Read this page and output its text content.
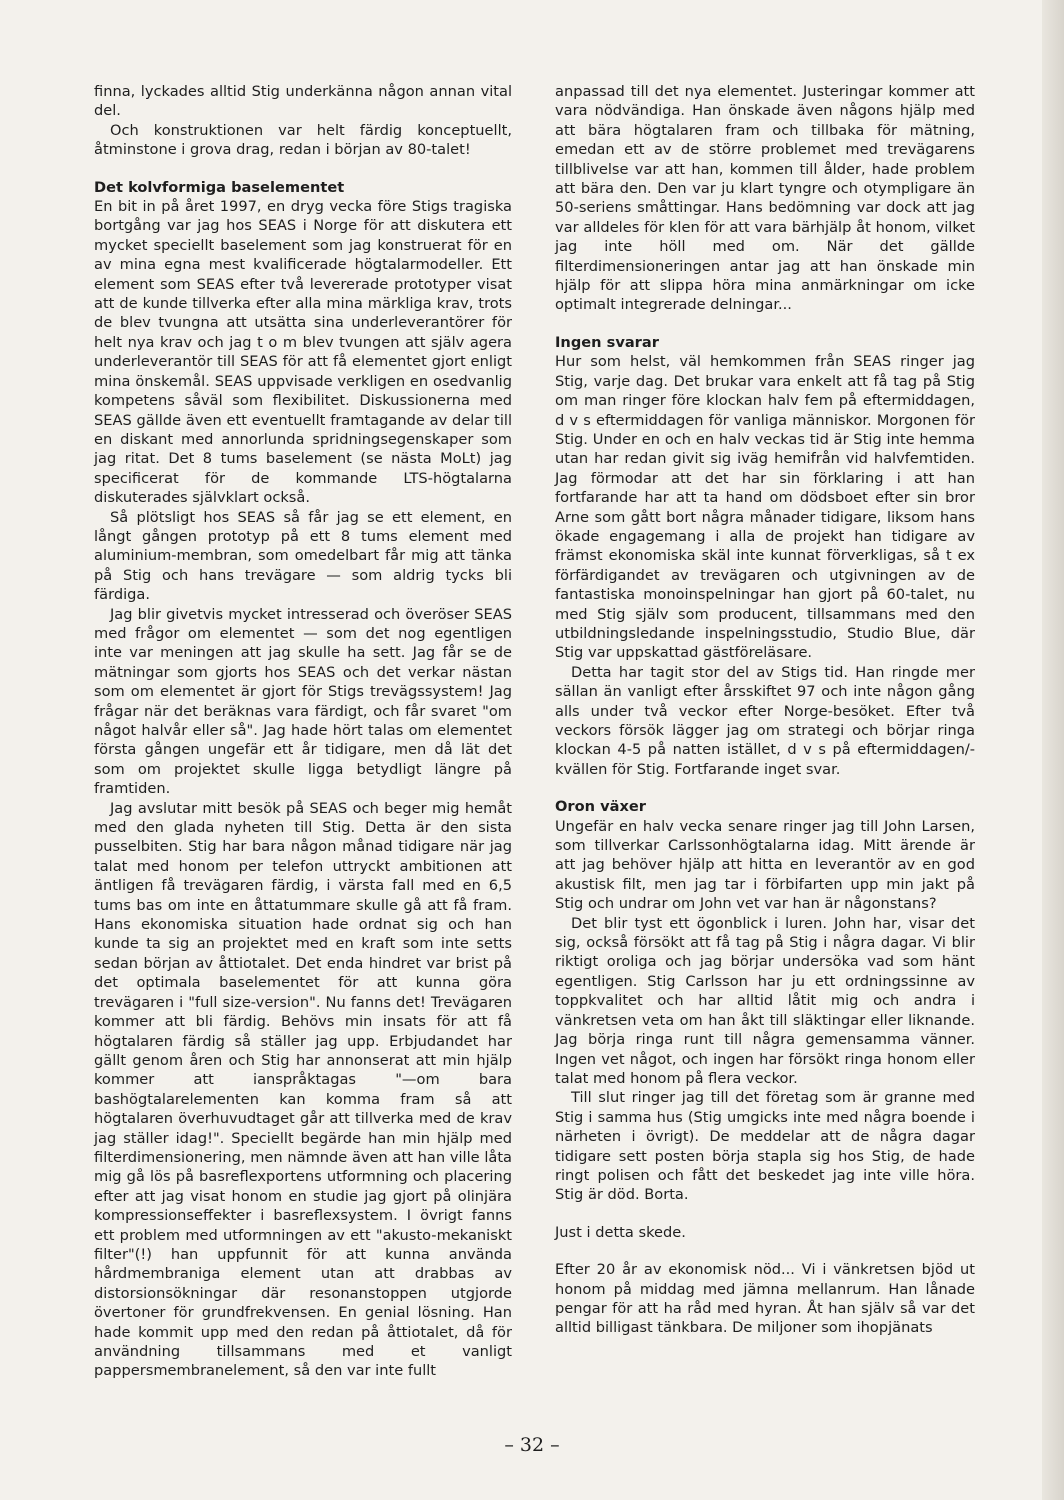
finna, lyckades alltid Stig underkänna någon annan vital del.

Och konstruktionen var helt färdig konceptuellt, åtminstone i grova drag, redan i början av 80-talet!

Det kolvformiga baselementet

En bit in på året 1997, en dryg vecka före Stigs tragiska bortgång var jag hos SEAS i Norge för att diskutera ett mycket speciellt baselement som jag konstruerat för en av mina egna mest kvalificerade högtalarmodeller. Ett element som SEAS efter två levererade prototyper visat att de kunde tillverka efter alla mina märkliga krav, trots de blev tvungna att utsätta sina underleverantörer för helt nya krav och jag t o m blev tvungen att själv agera underleverantör till SEAS för att få elementet gjort enligt mina önskemål. SEAS uppvisade verkligen en osedvanlig kompetens såväl som flexibilitet. Diskussionerna med SEAS gällde även ett eventuellt framtagande av delar till en diskant med annorlunda spridningsegenskaper som jag ritat. Det 8 tums baselement (se nästa MoLt) jag specificerat för de kommande LTS-högtalarna diskuterades självklart också.

Så plötsligt hos SEAS så får jag se ett element, en långt gången prototyp på ett 8 tums element med aluminium-membran, som omedelbart får mig att tänka på Stig och hans trevägare — som aldrig tycks bli färdiga.

Jag blir givetvis mycket intresserad och överöser SEAS med frågor om elementet — som det nog egentligen inte var meningen att jag skulle ha sett. Jag får se de mätningar som gjorts hos SEAS och det verkar nästan som om elementet är gjort för Stigs trevägssystem! Jag frågar när det beräknas vara färdigt, och får svaret "om något halvår eller så". Jag hade hört talas om elementet första gången ungefär ett år tidigare, men då lät det som om projektet skulle ligga betydligt längre på framtiden.

Jag avslutar mitt besök på SEAS och beger mig hemåt med den glada nyheten till Stig. Detta är den sista pusselbiten. Stig har bara någon månad tidigare när jag talat med honom per telefon uttryckt ambitionen att äntligen få trevägaren färdig, i värsta fall med en 6,5 tums bas om inte en åttatummare skulle gå att få fram. Hans ekonomiska situation hade ordnat sig och han kunde ta sig an projektet med en kraft som inte setts sedan början av åttiotalet. Det enda hindret var brist på det optimala baselementet för att kunna göra trevägaren i "full size-version". Nu fanns det! Trevägaren kommer att bli färdig. Behövs min insats för att få högtalaren färdig så ställer jag upp. Erbjudandet har gällt genom åren och Stig har annonserat att min hjälp kommer att ianspråktagas "—om bara bashögtalarelementen kan komma fram så att högtalaren överhuvudtaget går att tillverka med de krav jag ställer idag!". Speciellt begärde han min hjälp med filterdimensionering, men nämnde även att han ville låta mig gå lös på basreflexportens utformning och placering efter att jag visat honom en studie jag gjort på olinjära kompressionseffekter i basreflexsystem. I övrigt fanns ett problem med utformningen av ett "akusto-mekaniskt filter"(!) han uppfunnit för att kunna använda hårdmembraniga element utan att drabbas av distorsionsökningar där resonanstoppen utgjorde övertoner för grundfrekvensen. En genial lösning. Han hade kommit upp med den redan på åttiotalet, då för användning tillsammans med et vanligt pappersmembranelement, så den var inte fullt

anpassad till det nya elementet. Justeringar kommer att vara nödvändiga. Han önskade även någons hjälp med att bära högtalaren fram och tillbaka för mätning, emedan ett av de större problemet med trevägarens tillblivelse var att han, kommen till ålder, hade problem att bära den. Den var ju klart tyngre och otympligare än 50-seriens småttingar. Hans bedömning var dock att jag var alldeles för klen för att vara bärhjälp åt honom, vilket jag inte höll med om. När det gällde filterdimensioneringen antar jag att han önskade min hjälp för att slippa höra mina anmärkningar om icke optimalt integrerade delningar...

Ingen svarar

Hur som helst, väl hemkommen från SEAS ringer jag Stig, varje dag. Det brukar vara enkelt att få tag på Stig om man ringer före klockan halv fem på eftermiddagen, d v s eftermiddagen för vanliga människor. Morgonen för Stig. Under en och en halv veckas tid är Stig inte hemma utan har redan givit sig iväg hemifrån vid halvfemtiden. Jag förmodar att det har sin förklaring i att han fortfarande har att ta hand om dödsboet efter sin bror Arne som gått bort några månader tidigare, liksom hans ökade engagemang i alla de projekt han tidigare av främst ekonomiska skäl inte kunnat förverkligas, så t ex förfärdigandet av trevägaren och utgivningen av de fantastiska monoinspelningar han gjort på 60-talet, nu med Stig själv som producent, tillsammans med den utbildningsledande inspelningsstudio, Studio Blue, där Stig var uppskattad gästföreläsare.

Detta har tagit stor del av Stigs tid. Han ringde mer sällan än vanligt efter årsskiftet 97 och inte någon gång alls under två veckor efter Norge-besöket. Efter två veckors försök lägger jag om strategi och börjar ringa klockan 4-5 på natten istället, d v s på eftermiddagen/-kvällen för Stig. Fortfarande inget svar.

Oron växer

Ungefär en halv vecka senare ringer jag till John Larsen, som tillverkar Carlssonhögtalarna idag. Mitt ärende är att jag behöver hjälp att hitta en leverantör av en god akustisk filt, men jag tar i förbifarten upp min jakt på Stig och undrar om John vet var han är någonstans?

Det blir tyst ett ögonblick i luren. John har, visar det sig, också försökt att få tag på Stig i några dagar. Vi blir riktigt oroliga och jag börjar undersöka vad som hänt egentligen. Stig Carlsson har ju ett ordningssinne av toppkvalitet och har alltid låtit mig och andra i vänkretsen veta om han åkt till släktingar eller liknande. Jag börja ringa runt till några gemensamma vänner. Ingen vet något, och ingen har försökt ringa honom eller talat med honom på flera veckor.

Till slut ringer jag till det företag som är granne med Stig i samma hus (Stig umgicks inte med några boende i närheten i övrigt). De meddelar att de några dagar tidigare sett posten börja stapla sig hos Stig, de hade ringt polisen och fått det beskedet jag inte ville höra. Stig är död. Borta.

Just i detta skede.

Efter 20 år av ekonomisk nöd... Vi i vänkretsen bjöd ut honom på middag med jämna mellanrum. Han lånade pengar för att ha råd med hyran. Åt han själv så var det alltid billigast tänkbara. De miljoner som ihopjänats

– 32 –
